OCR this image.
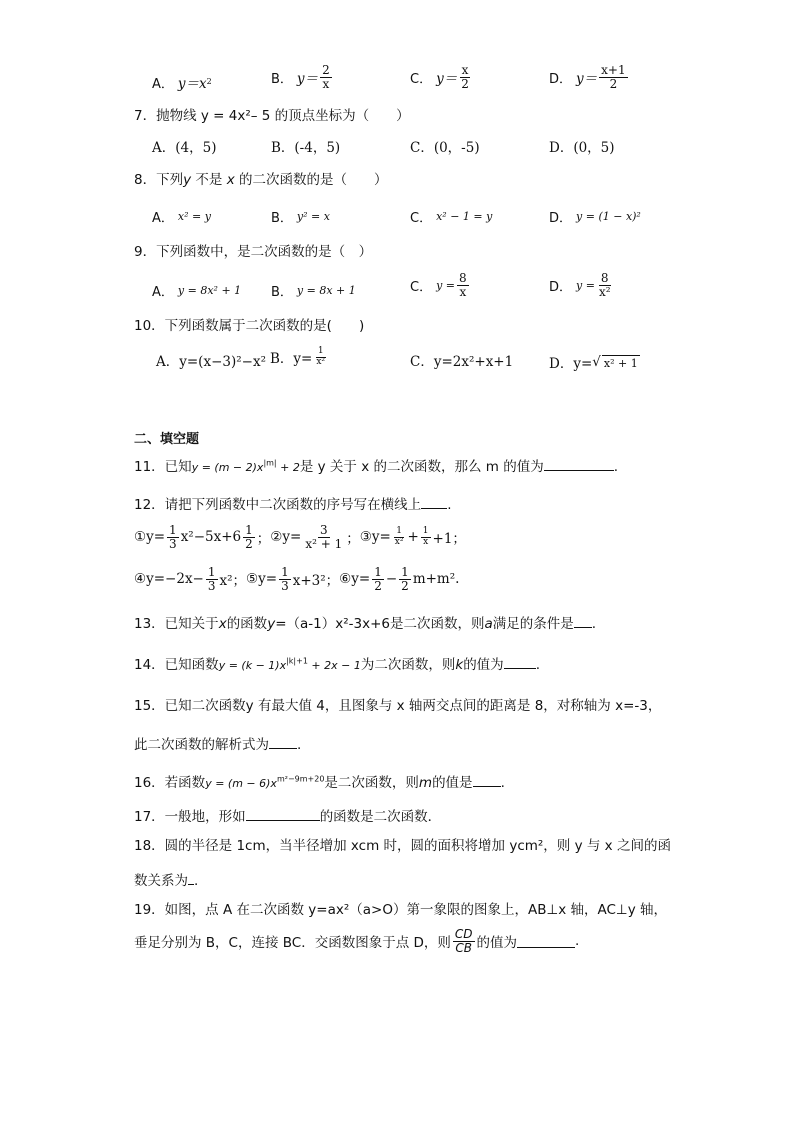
A． y＝x 2	B． $y= \frac{2}{x}$	C． $y= \frac{x}{2}$	D． $y= \frac{x+1}{2}$
7．抛物线 y = 4x²– 5 的顶点坐标为（　　）
A．(4，5)	B．(-4，5)	C．(0，-5)	D．(0，5)
8．下列y 不是 x 的二次函数的是（　　）
A． x² = y	B． y² = x	C． x² − 1 = y	D． y = (1 − x)²
9．下列函数中，是二次函数的是（　）
A． y = 8x² + 1 B． y = 8x + 1	C． $y = \frac{8}{x}$	D． $y = \frac{8}{\text{x²}}$
10．下列函数属于二次函数的是(　　)
A．y=(x−3)²−x² B．$y= \frac{1}{\text{x²}}$	C．y=2x²+x+1	D．y= √ x² + 1
二、填空题
11．已知$y = (m - 2)x^{|m|} + 2$是 y 关于 x 的二次函数，那么 m 的值为	.
12．请把下列函数中二次函数的序号写在横线上 .
①y= $\frac{1}{3} x^2-5x+6 \frac{1}{2}$ ； ②y= $\frac{3}{\text{x² + 1}}$ ； ③y= $\frac{1}{\text{x²}} + \frac{1}{x} +1$；
④y=−2x− $\frac{1}{3} x^2$； ⑤y= $\frac{1}{3} x+3^2$； ⑥y= $\frac{1}{2} - \frac{1}{2} m+m^2$.
13．已知关于x的函数y=（a-1）x²-3x+6是二次函数，则a满足的条件是 .
14．已知函数$y = (k - 1)x^{|k|+1} + 2x - 1$为二次函数，则k的值为 .
15．已知二次函数y 有最大值 4，且图象与 x 轴两交点间的距离是 8，对称轴为 x=-3，
此二次函数的解析式为 .
16．若函数$y = (m - 6)x^{m^2-9m+20}$是二次函数，则m的值是 .
17．一般地，形如	的函数是二次函数．
18．圆的半径是 1cm，当半径增加 xcm 时，圆的面积将增加 ycm²，则 y 与 x 之间的函
数关系为 .
19．如图，点 A 在二次函数 y=ax²（a>O）第一象限的图象上，AB⊥x 轴，AC⊥y 轴，
垂足分别为 B，C，连接 BC．交函数图象于点 D，则 $\frac{CD}{CB}$ 的值为	.
